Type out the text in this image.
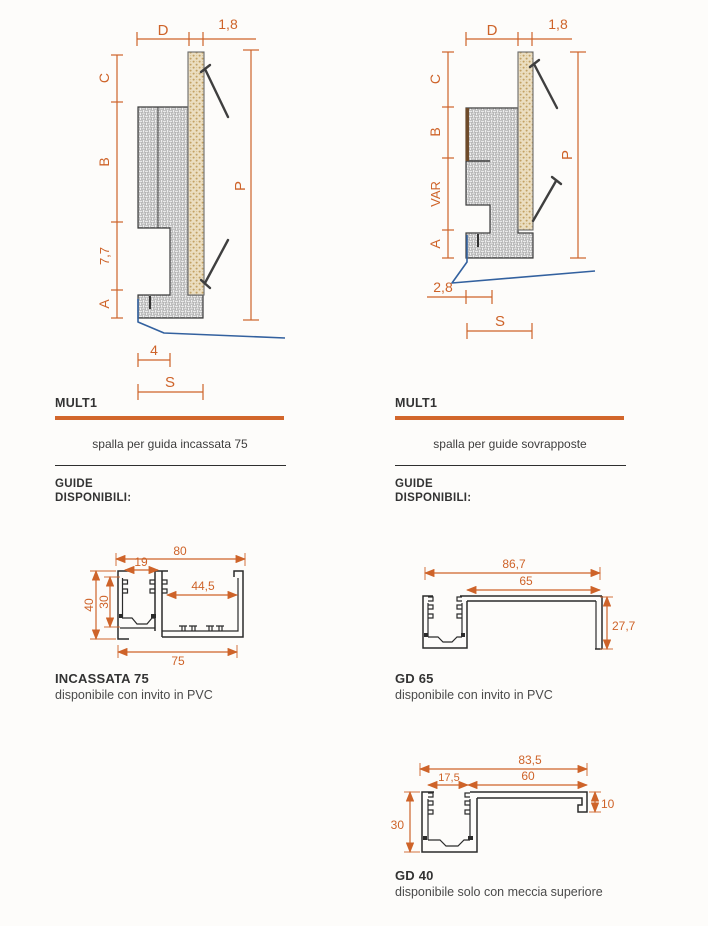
D	1,8
C
B
7,7
A
P
4
S
D	1,8
C
B
VAR
A
P
2,8
S
80
19
44,5
40 30
75
86,7
65
27,7
83,5
17,5	60
10
30
MULT1
spalla per guida incassata 75
GUIDE
DISPONIBILI:
MULT1
spalla per guide sovrapposte
GUIDE
DISPONIBILI:
INCASSATA 75
disponibile con invito in PVC
GD 65
disponibile con invito in PVC
GD 40
disponibile solo con meccia superiore
